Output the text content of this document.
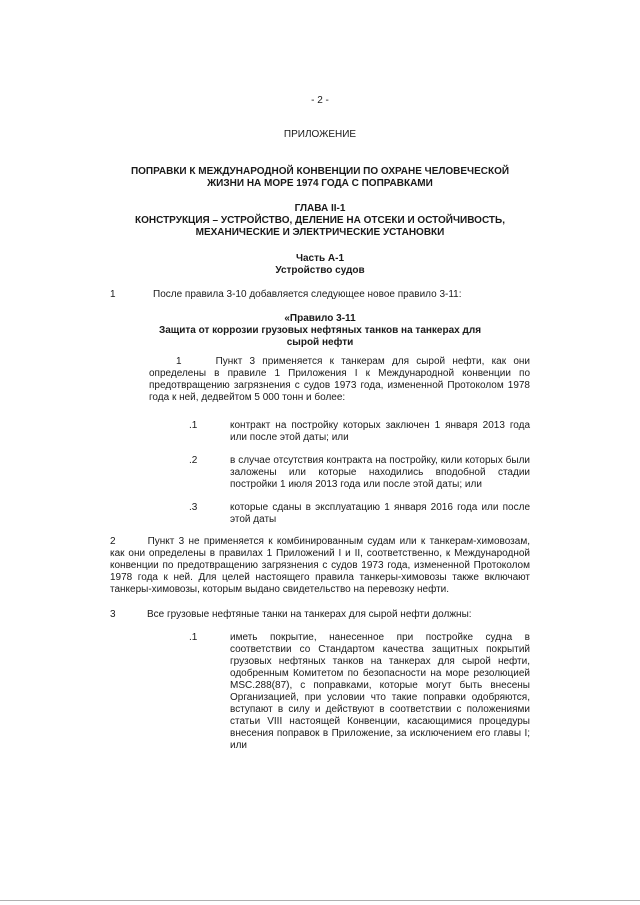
- 2 -
ПРИЛОЖЕНИЕ
ПОПРАВКИ К МЕЖДУНАРОДНОЙ КОНВЕНЦИИ ПО ОХРАНЕ ЧЕЛОВЕЧЕСКОЙ
ЖИЗНИ НА МОРЕ 1974 ГОДА С ПОПРАВКАМИ
ГЛАВА II-1
КОНСТРУКЦИЯ – УСТРОЙСТВО, ДЕЛЕНИЕ НА ОТСЕКИ И ОСТОЙЧИВОСТЬ,
МЕХАНИЧЕСКИЕ И ЭЛЕКТРИЧЕСКИЕ УСТАНОВКИ
Часть А-1
Устройство судов
1	После правила 3-10 добавляется следующее новое правило 3-11:
«Правило 3-11
Защита от коррозии грузовых нефтяных танков на танкерах для
сырой нефти
1	Пункт 3 применяется к танкерам для сырой нефти, как они определены в правиле 1 Приложения I к Международной конвенции по предотвращению загрязнения с судов 1973 года, измененной Протоколом 1978 года к ней, дедвейтом 5 000 тонн и более:
.1	контракт на постройку которых заключен 1 января 2013 года или после этой даты; или
.2	в случае отсутствия контракта на постройку, кили которых были заложены или которые находились вподобной стадии постройки 1 июля 2013 года или после этой даты; или
.3	которые сданы в эксплуатацию 1 января 2016 года или после этой даты
2	Пункт 3 не применяется к комбинированным судам или к танкерам-химовозам, как они определены в правилах 1 Приложений I и II, соответственно, к Международной конвенции по предотвращению загрязнения с судов 1973 года, измененной Протоколом 1978 года к ней. Для целей настоящего правила танкеры-химовозы также включают танкеры-химовозы, которым выдано свидетельство на перевозку нефти.
3	Все грузовые нефтяные танки на танкерах для сырой нефти должны:
.1	иметь покрытие, нанесенное при постройке судна в соответствии со Стандартом качества защитных покрытий грузовых нефтяных танков на танкерах для сырой нефти, одобренным Комитетом по безопасности на море резолюцией MSC.288(87), с поправками, которые могут быть внесены Организацией, при условии что такие поправки одобряются, вступают в силу и действуют в соответствии с положениями статьи VIII настоящей Конвенции, касающимися процедуры внесения поправок в Приложение, за исключением его главы I; или
